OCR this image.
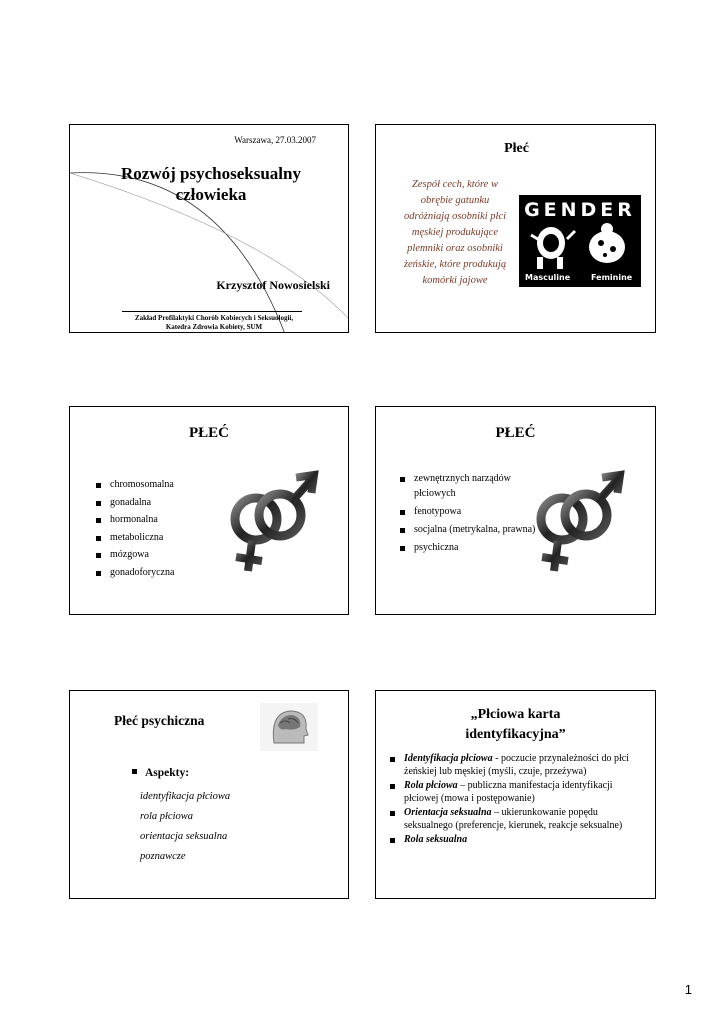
Warszawa, 27.03.2007
Rozwój psychoseksualny
człowieka
Krzysztof Nowosielski
Zakład Profilaktyki Chorób Kobiecych i Seksuologii,
Katedra Zdrowia Kobiety, SUM
Płeć
Zespół cech, które w obrębie gatunku odróżniają osobniki płci męskiej produkujące plemniki oraz osobniki żeńskie, które produkują komórki jajowe
GENDER
Masculine	Feminine
PŁEĆ
chromosomalna
gonadalna
hormonalna
metaboliczna
mózgowa
gonadoforyczna
PŁEĆ
zewnętrznych narządów płciowych
fenotypowa
socjalna (metrykalna, prawna)
psychiczna
Płeć psychiczna
Aspekty:
identyfikacja płciowa
rola płciowa
orientacja seksualna
poznawcze
„Płciowa karta
identyfikacyjna”
Identyfikacja płciowa - poczucie przynależności do płci żeńskiej lub męskiej (myśli, czuje, przeżywa)
Rola płciowa – publiczna manifestacja identyfikacji płciowej (mowa i postępowanie)
Orientacja seksualna – ukierunkowanie popędu seksualnego (preferencje, kierunek, reakcje seksualne)
Rola seksualna
1
